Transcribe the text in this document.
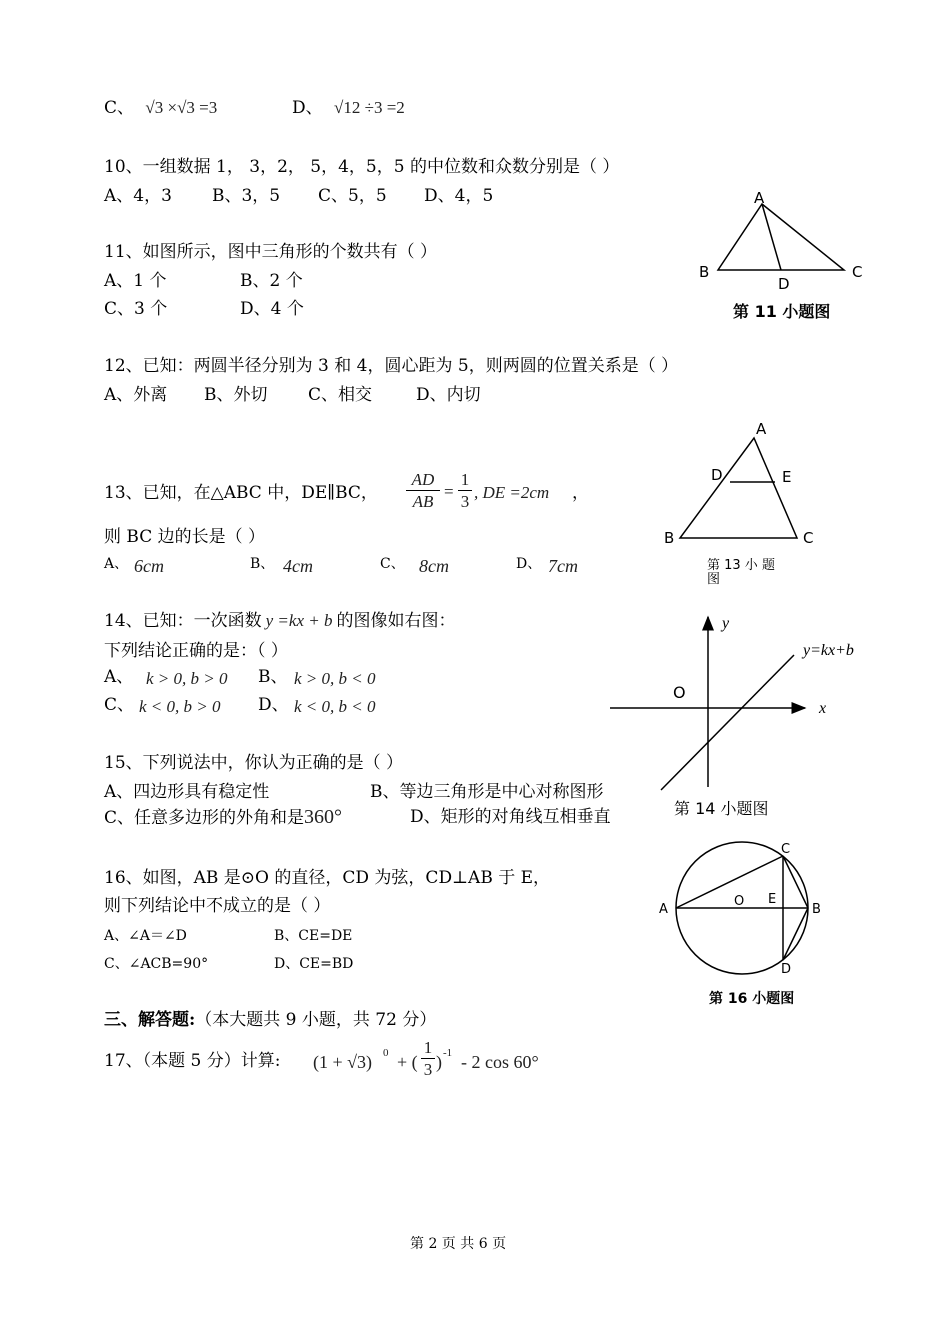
C、 √3 ×√3 =3	D、 √12 ÷3 =2
10、一组数据 1， 3，2， 5，4，5，5 的中位数和众数分别是（ ）
A、4，3 B、3，5 C、5，5 D、4，5
11、如图所示，图中三角形的个数共有（ ）
A、1 个	B、2 个
C、3 个	D、4 个
A
B	C
D
第 11 小题图
12、已知：两圆半径分别为 3 和 4，圆心距为 5，则两圆的位置关系是（ ）
A、外离 B、外切 C、相交	D、内切
13、已知，在△ABC 中，DE∥BC，
AD
AB
=
1
3 , DE =2cm ，
则 BC 边的长是（ ）
A、 6cm	B、 4cm	C、 8cm	D、 7cm
A
D	E
B	C
第 13 小 题
图
14、已知：一次函数 y =kx + b 的图像如右图：
下列结论正确的是：（ ）
A、 k > 0, b > 0 B、 k > 0, b < 0
C、 k < 0, b > 0 D、 k < 0, b < 0
y
x
O
y=kx+b
第 14 小题图
15、下列说法中，你认为正确的是（ ）
A、四边形具有稳定性	B、等边三角形是中心对称图形
C、任意多边形的外角和是360°	D、矩形的对角线互相垂直
16、如图，AB 是⊙O 的直径，CD 为弦，CD⊥AB 于 E，
则下列结论中不成立的是（ ）
A、∠A＝∠D	B、CE=DE
C、∠ACB=90°	D、CE=BD
A	B
C
D
E
O
第 16 小题图
三、解答题:（本大题共 9 小题，共 72 分）
17、（本题 5 分）计算: (1 + √3) 0 + (
1
3 ) -1 - 2 cos 60°
第 2 页 共 6 页
